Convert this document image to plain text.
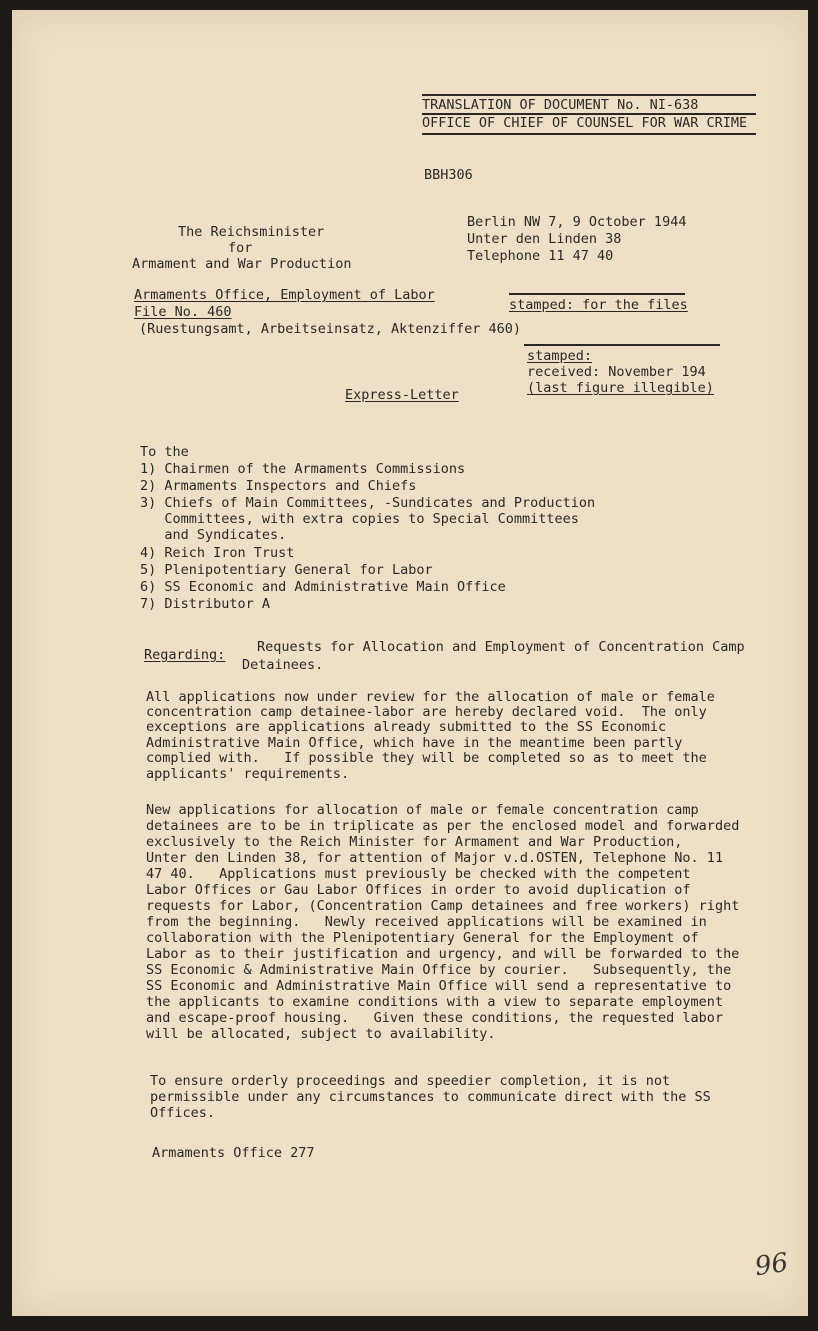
TRANSLATION OF DOCUMENT No. NI-638
OFFICE OF CHIEF OF COUNSEL FOR WAR CRIME
BBH306
The Reichsminister
for
Armament and War Production
Berlin NW 7, 9 October 1944
Unter den Linden 38
Telephone 11 47 40
Armaments Office, Employment of Labor
File No. 460
(Ruestungsamt, Arbeitseinsatz, Aktenziffer 460)
stamped: for the files
stamped:
received: November 194
(last figure illegible)
Express-Letter
To the
1) Chairmen of the Armaments Commissions
2) Armaments Inspectors and Chiefs
3) Chiefs of Main Committees, -Sundicates and Production
Committees, with extra copies to Special Committees
and Syndicates.
4) Reich Iron Trust
5) Plenipotentiary General for Labor
6) SS Economic and Administrative Main Office
7) Distributor A
Regarding: Requests for Allocation and Employment of Concentration Camp
Detainees.
All applications now under review for the allocation of male or female
concentration camp detainee-labor are hereby declared void.  The only
exceptions are applications already submitted to the SS Economic
Administrative Main Office, which have in the meantime been partly
complied with.   If possible they will be completed so as to meet the
applicants' requirements.
New applications for allocation of male or female concentration camp
detainees are to be in triplicate as per the enclosed model and forwarded
exclusively to the Reich Minister for Armament and War Production,
Unter den Linden 38, for attention of Major v.d.OSTEN, Telephone No. 11
47 40.   Applications must previously be checked with the competent
Labor Offices or Gau Labor Offices in order to avoid duplication of
requests for Labor, (Concentration Camp detainees and free workers) right
from the beginning.   Newly received applications will be examined in
collaboration with the Plenipotentiary General for the Employment of
Labor as to their justification and urgency, and will be forwarded to the
SS Economic & Administrative Main Office by courier.   Subsequently, the
SS Economic and Administrative Main Office will send a representative to
the applicants to examine conditions with a view to separate employment
and escape-proof housing.   Given these conditions, the requested labor
will be allocated, subject to availability.
To ensure orderly proceedings and speedier completion, it is not
permissible under any circumstances to communicate direct with the SS
Offices.
Armaments Office 277
96
